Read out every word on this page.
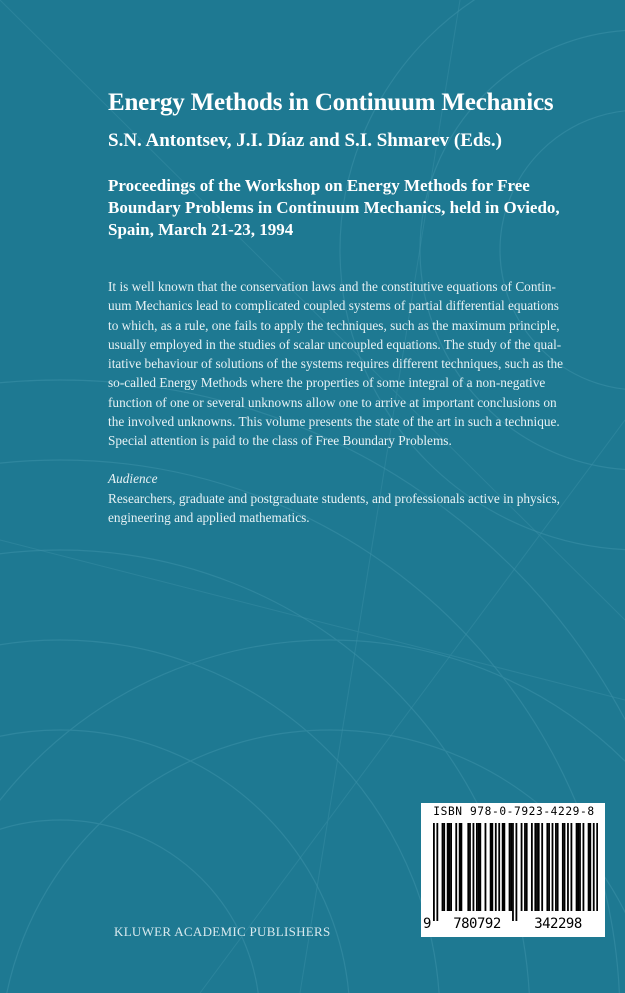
Energy Methods in Continuum Mechanics
S.N. Antontsev, J.I. Díaz and S.I. Shmarev (Eds.)
Proceedings of the Workshop on Energy Methods for Free
Boundary Problems in Continuum Mechanics, held in Oviedo,
Spain, March 21-23, 1994
It is well known that the conservation laws and the constitutive equations of Contin-
uum Mechanics lead to complicated coupled systems of partial differential equations
to which, as a rule, one fails to apply the techniques, such as the maximum principle,
usually employed in the studies of scalar uncoupled equations. The study of the qual-
itative behaviour of solutions of the systems requires different techniques, such as the
so-called Energy Methods where the properties of some integral of a non-negative
function of one or several unknowns allow one to arrive at important conclusions on
the involved unknowns. This volume presents the state of the art in such a technique.
Special attention is paid to the class of Free Boundary Problems.
Audience
Researchers, graduate and postgraduate students, and professionals active in physics,
engineering and applied mathematics.
ISBN 978-0-7923-4229-8
9	780792	342298
KLUWER ACADEMIC PUBLISHERS
